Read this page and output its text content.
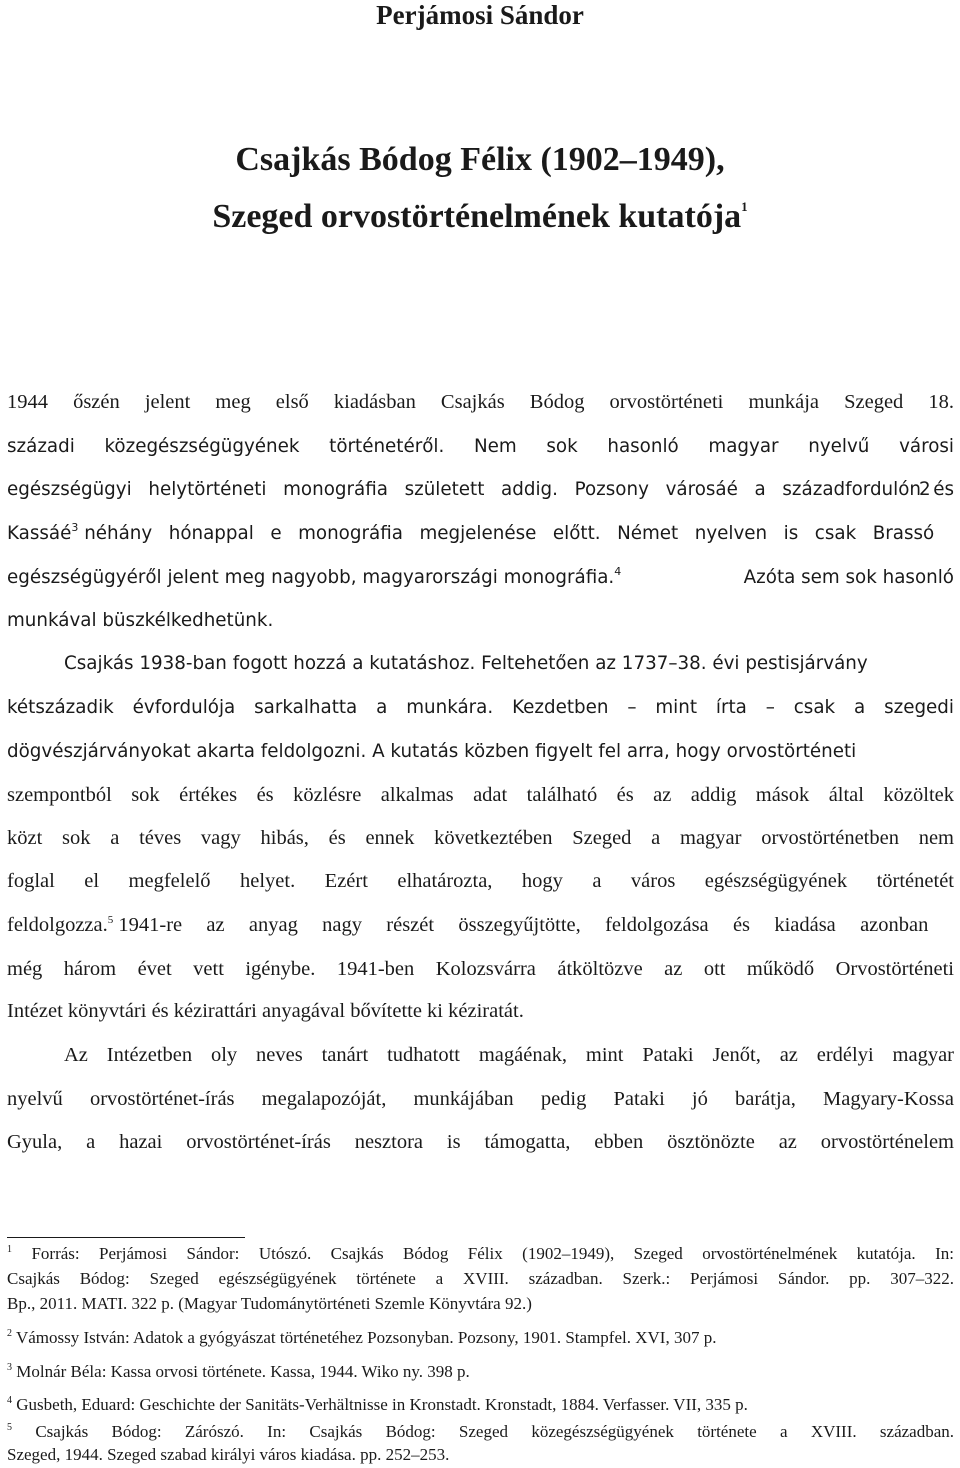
Perjámosi Sándor
Csajkás Bódog Félix (1902–1949),
Szeged orvostörténelmének kutatója$^1$
1944 őszén jelent meg első kiadásban Csajkás Bódog orvostörténeti munkája Szeged 18.
századi közegészségügyének történetéről. Nem sok hasonló magyar nyelvű városi
egészségügyi helytörténeti monográfia született addig. Pozsony városáé a századfordulón
2 és
Kassáé$^3$ néhány hónappal e monográfia megjelenése előtt. Német nyelven is csak Brassó
egészségügyéről jelent meg nagyobb, magyarországi monográfia.$^4$	Azóta sem sok hasonló
munkával büszkélkedhetünk.
Csajkás 1938-ban fogott hozzá a kutatáshoz. Feltehetően az 1737–38. évi pestisjárvány
kétszázadik évfordulója sarkalhatta a munkára. Kezdetben – mint írta – csak a szegedi
dögvészjárványokat akarta feldolgozni. A kutatás közben figyelt fel arra, hogy orvostörténeti
szempontból sok értékes és közlésre alkalmas adat található és az addig mások által közöltek
közt sok a téves vagy hibás, és ennek következtében Szeged a magyar orvostörténetben nem
foglal el megfelelő helyet. Ezért elhatározta, hogy a város egészségügyének történetét
feldolgozza.$^5$ 1941-re az anyag nagy részét összegyűjtötte, feldolgozása és kiadása azonban
még három évet vett igénybe. 1941-ben Kolozsvárra átköltözve az ott működő Orvostörténeti
Intézet könyvtári és kézirattári anyagával bővítette ki kéziratát.
Az Intézetben oly neves tanárt tudhatott magáénak, mint Pataki Jenőt, az erdélyi magyar
nyelvű orvostörténet-írás megalapozóját, munkájában pedig Pataki jó barátja, Magyary-Kossa
Gyula, a hazai orvostörténet-írás nesztora is támogatta, ebben ösztönözte az orvostörténelem
$^1$ Forrás: Perjámosi Sándor: Utószó. Csajkás Bódog Félix (1902–1949), Szeged orvostörténelmének kutatója. In:
Csajkás Bódog: Szeged egészségügyének története a XVIII. században. Szerk.: Perjámosi Sándor. pp. 307–322.
Bp., 2011. MATI. 322 p. (Magyar Tudománytörténeti Szemle Könyvtára 92.)
$^2$ Vámossy István: Adatok a gyógyászat történetéhez Pozsonyban. Pozsony, 1901. Stampfel. XVI, 307 p.
$^3$ Molnár Béla: Kassa orvosi története. Kassa, 1944. Wiko ny. 398 p.
$^4$ Gusbeth, Eduard: Geschichte der Sanitäts-Verhältnisse in Kronstadt. Kronstadt, 1884. Verfasser. VII, 335 p.
$^5$ Csajkás Bódog: Zárószó. In: Csajkás Bódog: Szeged közegészségügyének története a XVIII. században.
Szeged, 1944. Szeged szabad királyi város kiadása. pp. 252–253.
